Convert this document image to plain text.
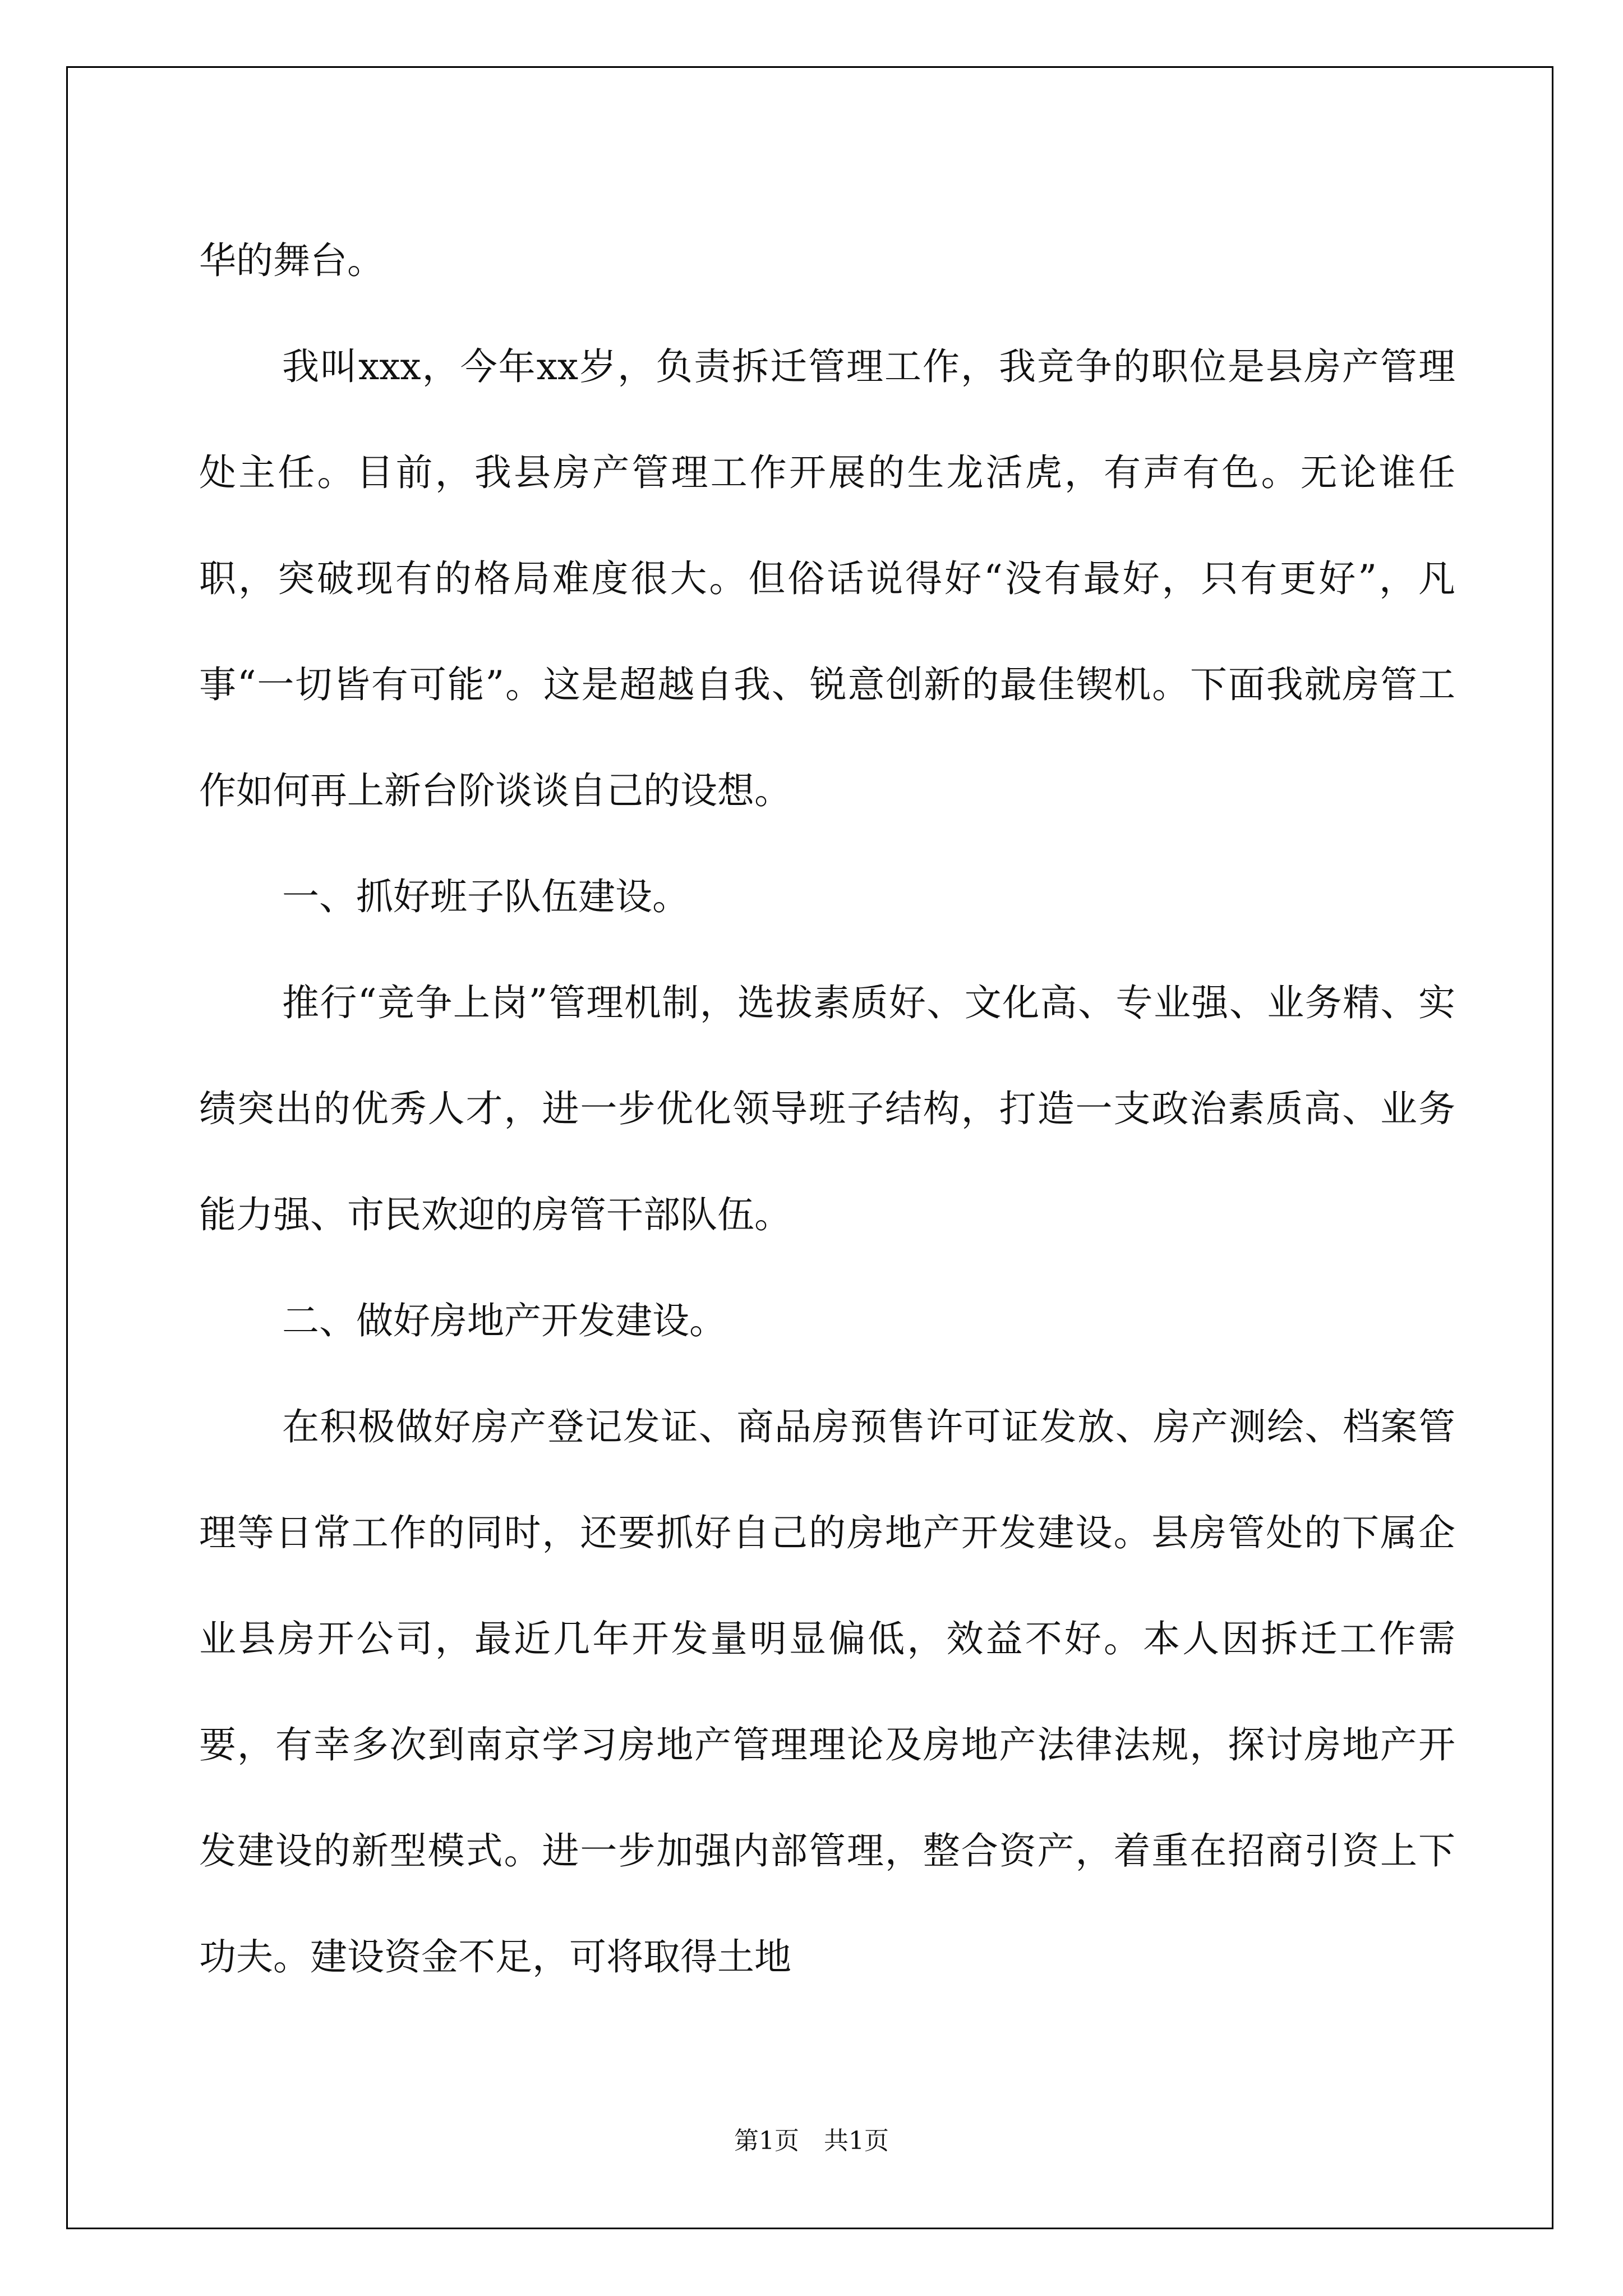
华的舞台。

我叫xxx，今年xx岁，负责拆迁管理工作，我竞争的职位是县房产管理处主任。目前，我县房产管理工作开展的生龙活虎，有声有色。无论谁任职，突破现有的格局难度很大。但俗话说得好“没有最好，只有更好”，凡事“一切皆有可能”。这是超越自我、锐意创新的最佳锲机。下面我就房管工作如何再上新台阶谈谈自己的设想。

一、抓好班子队伍建设。

推行“竞争上岗”管理机制，选拔素质好、文化高、专业强、业务精、实绩突出的优秀人才，进一步优化领导班子结构，打造一支政治素质高、业务能力强、市民欢迎的房管干部队伍。

二、做好房地产开发建设。

在积极做好房产登记发证、商品房预售许可证发放、房产测绘、档案管理等日常工作的同时，还要抓好自己的房地产开发建设。县房管处的下属企业县房开公司，最近几年开发量明显偏低，效益不好。本人因拆迁工作需要，有幸多次到南京学习房地产管理理论及房地产法律法规，探讨房地产开发建设的新型模式。进一步加强内部管理，整合资产，着重在招商引资上下功夫。建设资金不足，可将取得土地

第1页　共1页
